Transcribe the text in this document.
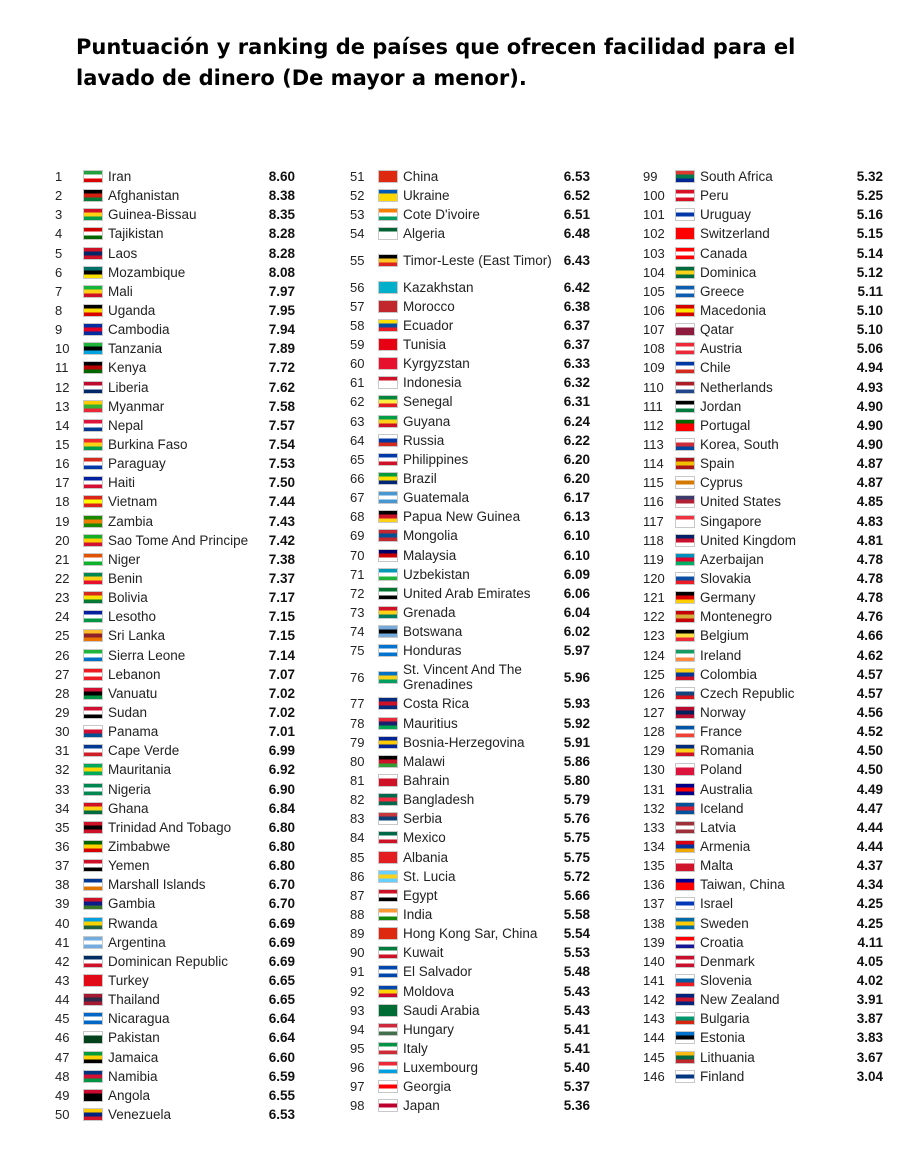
Puntuación y ranking de países que ofrecen facilidad para el lavado de dinero (De mayor a menor).
1	Iran	8.60
2	Afghanistan	8.38
3	Guinea-Bissau	8.35
4	Tajikistan	8.28
5	Laos	8.28
6	Mozambique	8.08
7	Mali	7.97
8	Uganda	7.95
9	Cambodia	7.94
10	Tanzania	7.89
11	Kenya	7.72
12	Liberia	7.62
13	Myanmar	7.58
14	Nepal	7.57
15	Burkina Faso	7.54
16	Paraguay	7.53
17	Haiti	7.50
18	Vietnam	7.44
19	Zambia	7.43
20	Sao Tome And Principe	7.42
21	Niger	7.38
22	Benin	7.37
23	Bolivia	7.17
24	Lesotho	7.15
25	Sri Lanka	7.15
26	Sierra Leone	7.14
27	Lebanon	7.07
28	Vanuatu	7.02
29	Sudan	7.02
30	Panama	7.01
31	Cape Verde	6.99
32	Mauritania	6.92
33	Nigeria	6.90
34	Ghana	6.84
35	Trinidad And Tobago	6.80
36	Zimbabwe	6.80
37	Yemen	6.80
38	Marshall Islands	6.70
39	Gambia	6.70
40	Rwanda	6.69
41	Argentina	6.69
42	Dominican Republic	6.69
43	Turkey	6.65
44	Thailand	6.65
45	Nicaragua	6.64
46	Pakistan	6.64
47	Jamaica	6.60
48	Namibia	6.59
49	Angola	6.55
50	Venezuela	6.53
51	China	6.53
52	Ukraine	6.52
53	Cote D'ivoire	6.51
54	Algeria	6.48
55	Timor-Leste (East Timor) 6.43
56	Kazakhstan	6.42
57	Morocco	6.38
58	Ecuador	6.37
59	Tunisia	6.37
60	Kyrgyzstan	6.33
61	Indonesia	6.32
62	Senegal	6.31
63	Guyana	6.24
64	Russia	6.22
65	Philippines	6.20
66	Brazil	6.20
67	Guatemala	6.17
68	Papua New Guinea	6.13
69	Mongolia	6.10
70	Malaysia	6.10
71	Uzbekistan	6.09
72	United Arab Emirates	6.06
73	Grenada	6.04
74	Botswana	6.02
75	Honduras	5.97
76	St. Vincent And The Grenadines	5.96
77	Costa Rica	5.93
78	Mauritius	5.92
79	Bosnia-Herzegovina	5.91
80	Malawi	5.86
81	Bahrain	5.80
82	Bangladesh	5.79
83	Serbia	5.76
84	Mexico	5.75
85	Albania	5.75
86	St. Lucia	5.72
87	Egypt	5.66
88	India	5.58
89	Hong Kong Sar, China	5.54
90	Kuwait	5.53
91	El Salvador	5.48
92	Moldova	5.43
93	Saudi Arabia	5.43
94	Hungary	5.41
95	Italy	5.41
96	Luxembourg	5.40
97	Georgia	5.37
98	Japan	5.36
99	South Africa	5.32
100	Peru	5.25
101	Uruguay	5.16
102	Switzerland	5.15
103	Canada	5.14
104	Dominica	5.12
105	Greece	5.11
106	Macedonia	5.10
107	Qatar	5.10
108	Austria	5.06
109	Chile	4.94
110	Netherlands	4.93
111	Jordan	4.90
112	Portugal	4.90
113	Korea, South	4.90
114	Spain	4.87
115	Cyprus	4.87
116	United States	4.85
117	Singapore	4.83
118	United Kingdom	4.81
119	Azerbaijan	4.78
120	Slovakia	4.78
121	Germany	4.78
122	Montenegro	4.76
123	Belgium	4.66
124	Ireland	4.62
125	Colombia	4.57
126	Czech Republic	4.57
127	Norway	4.56
128	France	4.52
129	Romania	4.50
130	Poland	4.50
131	Australia	4.49
132	Iceland	4.47
133	Latvia	4.44
134	Armenia	4.44
135	Malta	4.37
136	Taiwan, China	4.34
137	Israel	4.25
138	Sweden	4.25
139	Croatia	4.11
140	Denmark	4.05
141	Slovenia	4.02
142	New Zealand	3.91
143	Bulgaria	3.87
144	Estonia	3.83
145	Lithuania	3.67
146	Finland	3.04
